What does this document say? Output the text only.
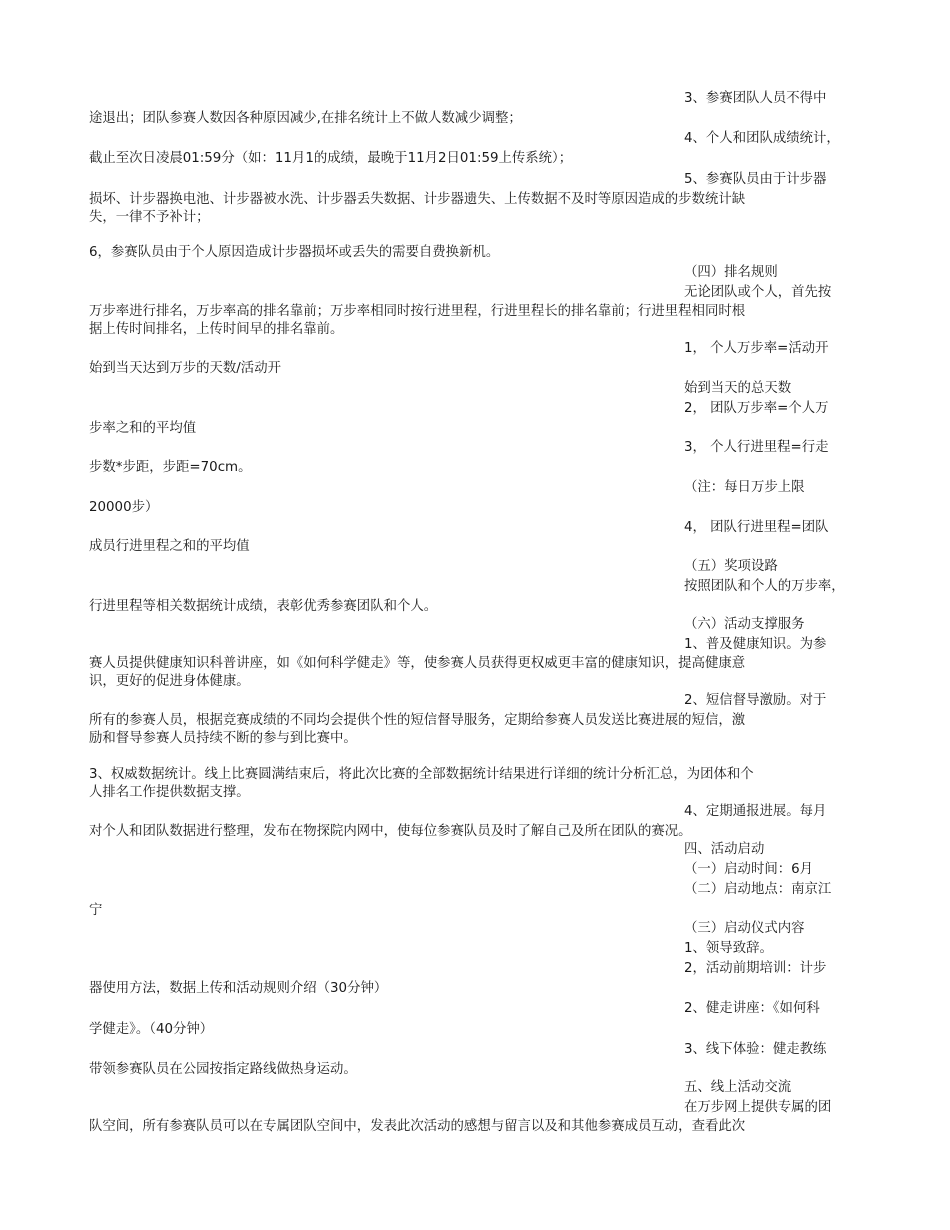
3、参赛团队人员不得中
途退出；团队参赛人数因各种原因减少,在排名统计上不做人数减少调整；
4、个人和团队成绩统计，
截止至次日凌晨01:59分（如：11月1的成绩，最晚于11月2日01:59上传系统）；
5、参赛队员由于计步器
损坏、计步器换电池、计步器被水洗、计步器丢失数据、计步器遗失、上传数据不及时等原因造成的步数统计缺
失，一律不予补计；
6，参赛队员由于个人原因造成计步器损坏或丢失的需要自费换新机。
（四）排名规则
无论团队或个人，首先按
万步率进行排名，万步率高的排名靠前；万步率相同时按行进里程，行进里程长的排名靠前；行进里程相同时根
据上传时间排名，上传时间早的排名靠前。
1， 个人万步率=活动开
始到当天达到万步的天数/活动开
始到当天的总天数
2， 团队万步率=个人万
步率之和的平均值
3， 个人行进里程=行走
步数*步距，步距=70cm。
（注：每日万步上限
20000步）
4， 团队行进里程=团队
成员行进里程之和的平均值
（五）奖项设路
按照团队和个人的万步率，
行进里程等相关数据统计成绩，表彰优秀参赛团队和个人。
（六）活动支撑服务
1、普及健康知识。为参
赛人员提供健康知识科普讲座，如《如何科学健走》等，使参赛人员获得更权威更丰富的健康知识，提高健康意
识，更好的促进身体健康。
2、短信督导激励。对于
所有的参赛人员，根据竞赛成绩的不同均会提供个性的短信督导服务，定期给参赛人员发送比赛进展的短信，激
励和督导参赛人员持续不断的参与到比赛中。
3、权威数据统计。线上比赛圆满结束后，将此次比赛的全部数据统计结果进行详细的统计分析汇总，为团体和个
人排名工作提供数据支撑。
4、定期通报进展。每月
对个人和团队数据进行整理，发布在物探院内网中，使每位参赛队员及时了解自己及所在团队的赛况。
四、活动启动
（一）启动时间：6月
（二）启动地点：南京江
宁
（三）启动仪式内容
1、领导致辞。
2，活动前期培训：计步
器使用方法，数据上传和活动规则介绍（30分钟）
2、健走讲座：《如何科
学健走》。（40分钟）
3、线下体验：健走教练
带领参赛队员在公园按指定路线做热身运动。
五、线上活动交流
在万步网上提供专属的团
队空间，所有参赛队员可以在专属团队空间中，发表此次活动的感想与留言以及和其他参赛成员互动，查看此次
